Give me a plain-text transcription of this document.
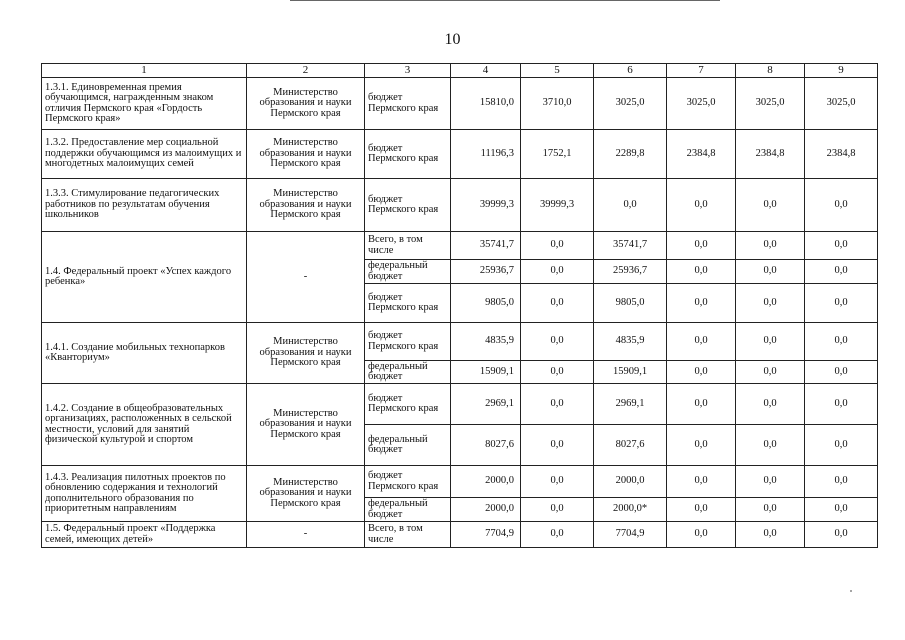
10
1	2	3	4	5	6	7	8	9
1.3.1. Единовременная премия обучающимся, награжденным знаком отличия Пермского края «Гордость Пермского края»	Министерство образования и науки Пермского края	бюджет Пермского края	15810,0	3710,0	3025,0	3025,0	3025,0	3025,0
1.3.2. Предоставление мер социальной поддержки обучающимся из малоимущих и многодетных малоимущих семей	Министерство образования и науки Пермского края	бюджет Пермского края	11196,3	1752,1	2289,8	2384,8	2384,8	2384,8
1.3.3. Стимулирование педагогических работников по результатам обучения школьников	Министерство образования и науки Пермского края	бюджет Пермского края	39999,3	39999,3	0,0	0,0	0,0	0,0
1.4. Федеральный проект «Успех каждого ребенка»	-	Всего, в том числе	35741,7	0,0	35741,7	0,0	0,0	0,0
		федеральный бюджет	25936,7	0,0	25936,7	0,0	0,0	0,0
		бюджет Пермского края	9805,0	0,0	9805,0	0,0	0,0	0,0
1.4.1. Создание мобильных технопарков «Кванториум»	Министерство образования и науки Пермского края	бюджет Пермского края	4835,9	0,0	4835,9	0,0	0,0	0,0
		федеральный бюджет	15909,1	0,0	15909,1	0,0	0,0	0,0
1.4.2. Создание в общеобразовательных организациях, расположенных в сельской местности, условий для занятий физической культурой и спортом	Министерство образования и науки Пермского края	бюджет Пермского края	2969,1	0,0	2969,1	0,0	0,0	0,0
		федеральный бюджет	8027,6	0,0	8027,6	0,0	0,0	0,0
1.4.3. Реализация пилотных проектов по обновлению содержания и технологий дополнительного образования по приоритетным направлениям	Министерство образования и науки Пермского края	бюджет Пермского края	2000,0	0,0	2000,0	0,0	0,0	0,0
		федеральный бюджет	2000,0	0,0	2000,0*	0,0	0,0	0,0
1.5. Федеральный проект «Поддержка семей, имеющих детей»	-	Всего, в том числе	7704,9	0,0	7704,9	0,0	0,0	0,0
